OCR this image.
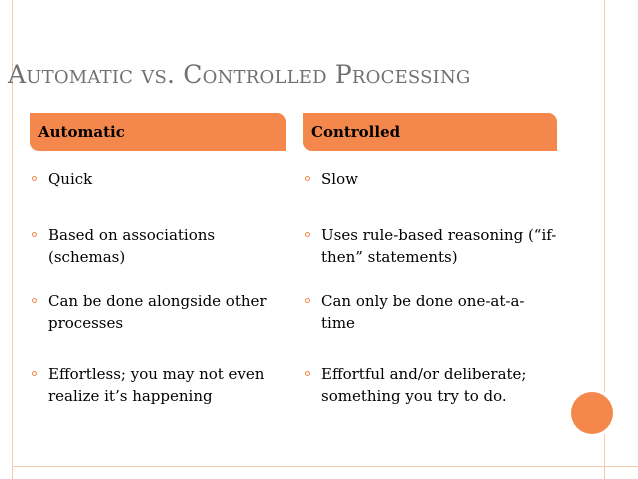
Automatic vs. Controlled Processing
Automatic
Quick
Based on associations (schemas)
Can be done alongside other processes
Effortless; you may not even realize it’s happening
Controlled
Slow
Uses rule-based reasoning (“if-then” statements)
Can only be done one-at-a-time
Effortful and/or deliberate; something you try to do.
